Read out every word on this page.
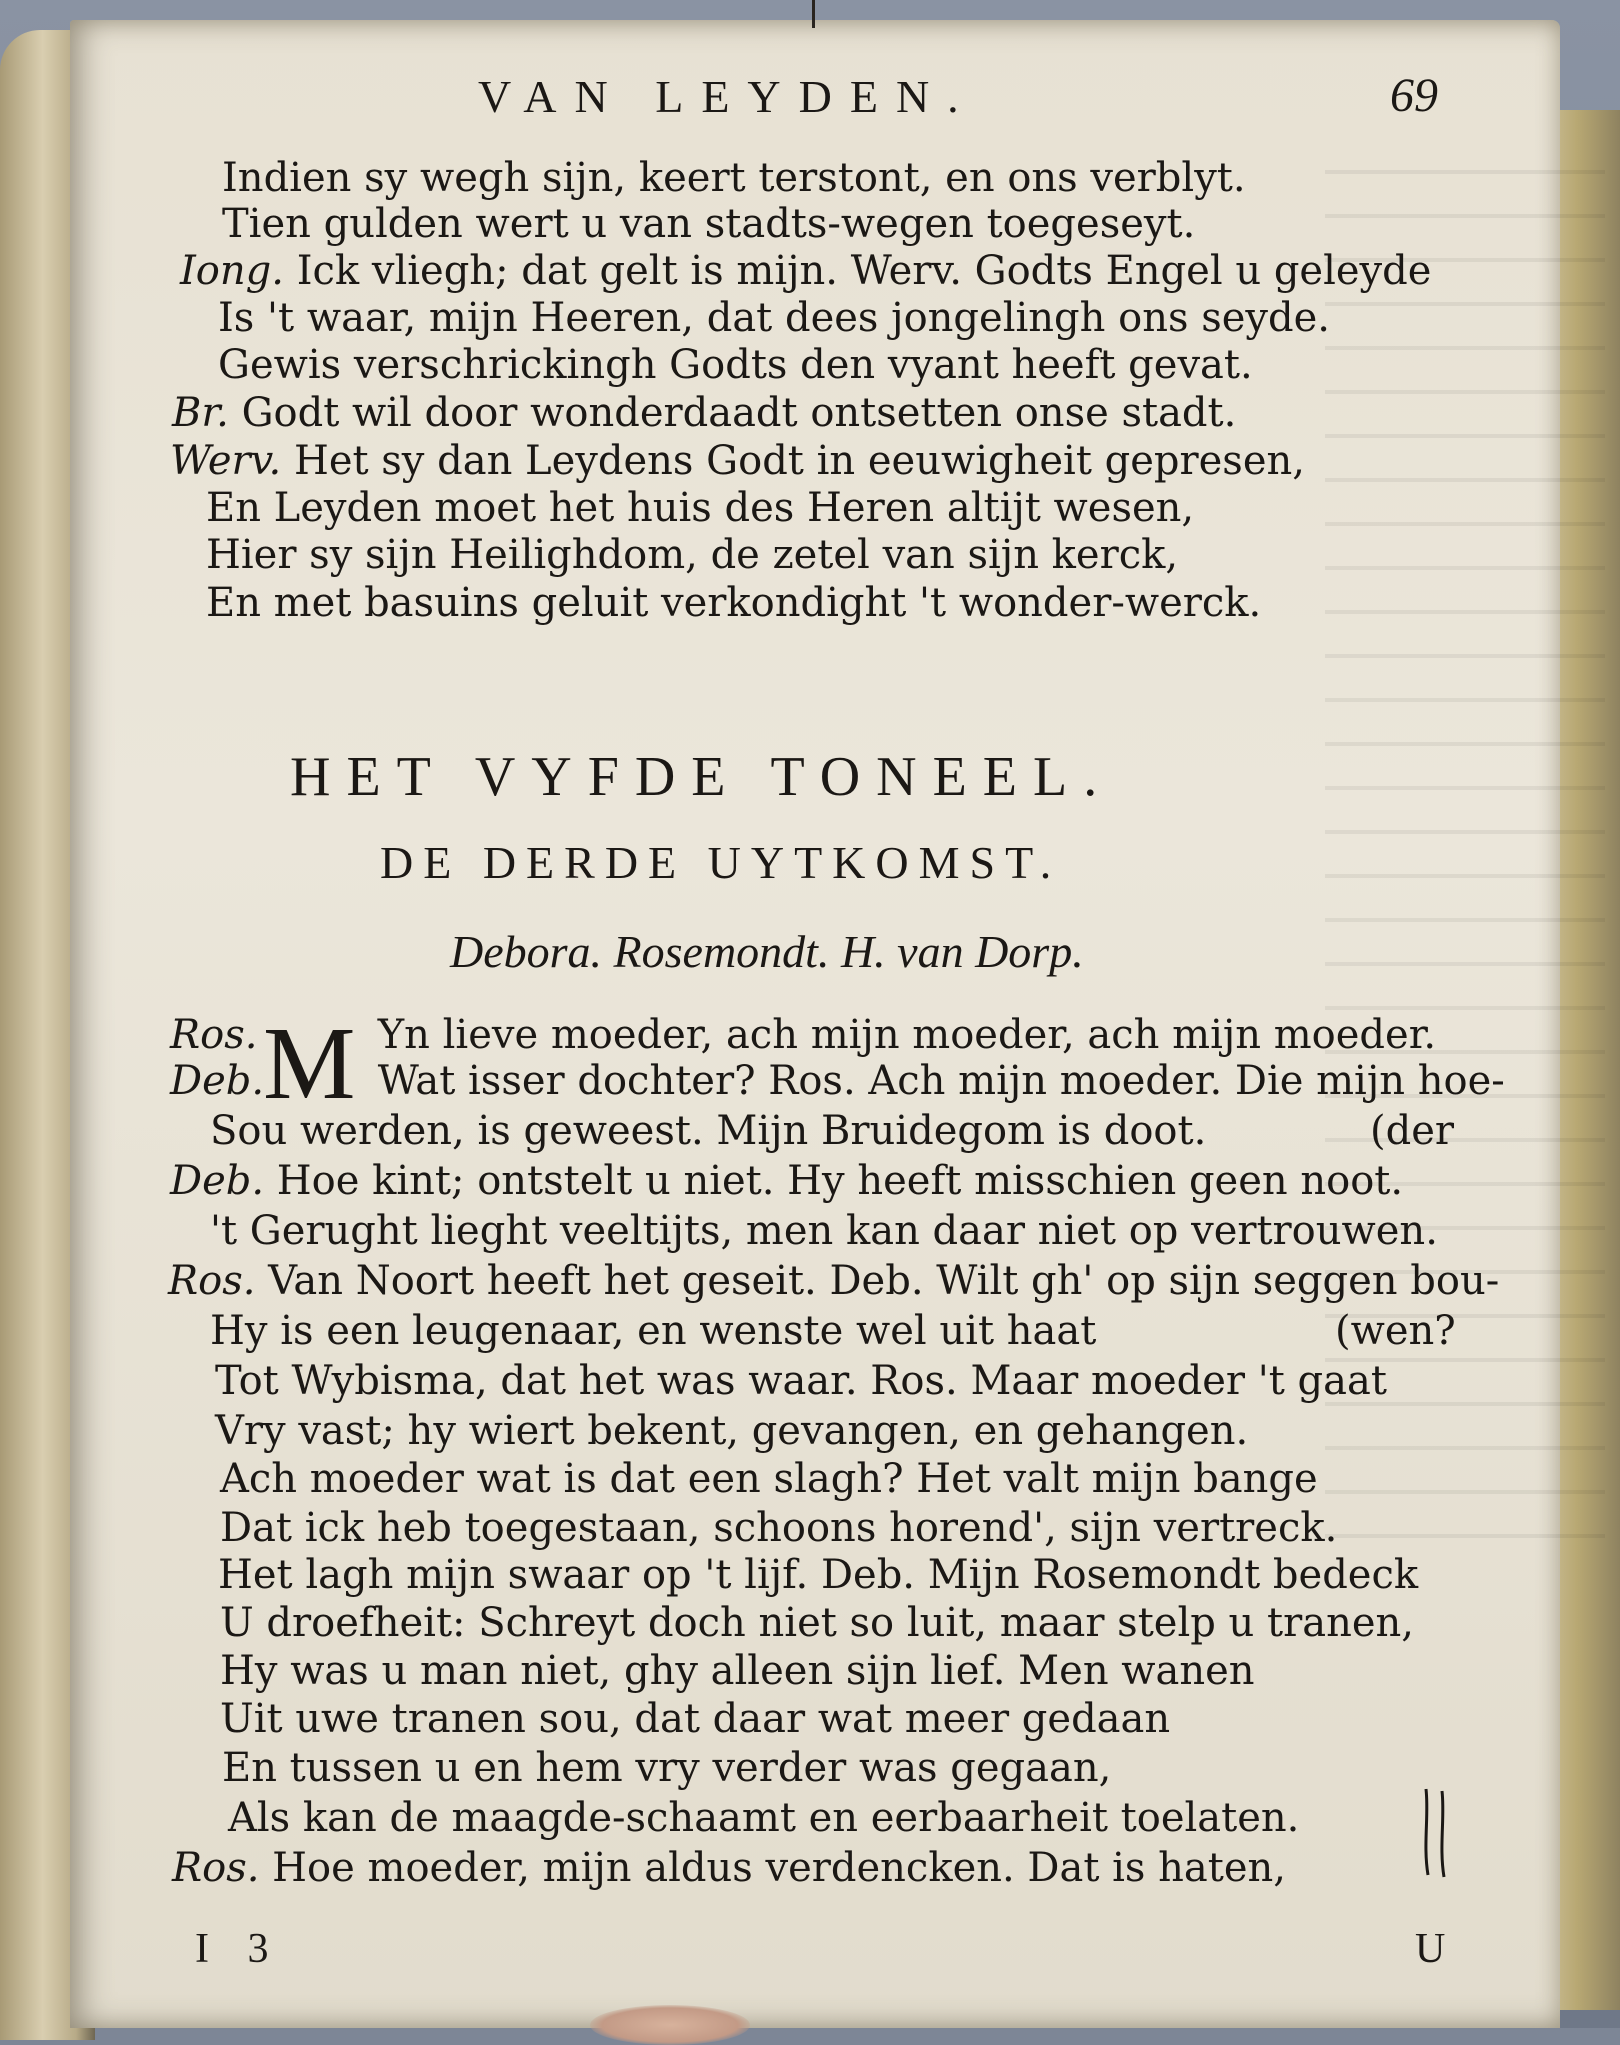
VAN LEYDEN.	69
Indien sy wegh sijn, keert terstont, en ons verblyt.
Tien gulden wert u van stadts-wegen toegeseyt.
Iong. Ick vliegh; dat gelt is mijn. Werv. Godts Engel u geleyde
Is 't waar, mijn Heeren, dat dees jongelingh ons seyde.
Gewis verschrickingh Godts den vyant heeft gevat.
Br. Godt wil door wonderdaadt ontsetten onse stadt.
Werv. Het sy dan Leydens Godt in eeuwigheit gepresen,
En Leyden moet het huis des Heren altijt wesen,
Hier sy sijn Heilighdom, de zetel van sijn kerck,
En met basuins geluit verkondight 't wonder-werck.
HET VYFDE TONEEL.
DE DERDE UYTKOMST.
Debora. Rosemondt. H. van Dorp.
M
Ros.	Yn lieve moeder, ach mijn moeder, ach mijn moeder.
Deb.	Wat isser dochter? Ros. Ach mijn moeder. Die mijn hoe-
Sou werden, is geweest. Mijn Bruidegom is doot.	(der
Deb. Hoe kint; ontstelt u niet. Hy heeft misschien geen noot.
't Gerught lieght veeltijts, men kan daar niet op vertrouwen.
Ros. Van Noort heeft het geseit. Deb. Wilt gh' op sijn seggen bou-
Hy is een leugenaar, en wenste wel uit haat	(wen?
Tot Wybisma, dat het was waar. Ros. Maar moeder 't gaat
Vry vast; hy wiert bekent, gevangen, en gehangen.
Ach moeder wat is dat een slagh? Het valt mijn bange
Dat ick heb toegestaan, schoons horend', sijn vertreck.
Het lagh mijn swaar op 't lijf. Deb. Mijn Rosemondt bedeck
U droefheit: Schreyt doch niet so luit, maar stelp u tranen,
Hy was u man niet, ghy alleen sijn lief. Men wanen
Uit uwe tranen sou, dat daar wat meer gedaan
En tussen u en hem vry verder was gegaan,
Als kan de maagde-schaamt en eerbaarheit toelaten.
Ros. Hoe moeder, mijn aldus verdencken. Dat is haten,
I 3	U
